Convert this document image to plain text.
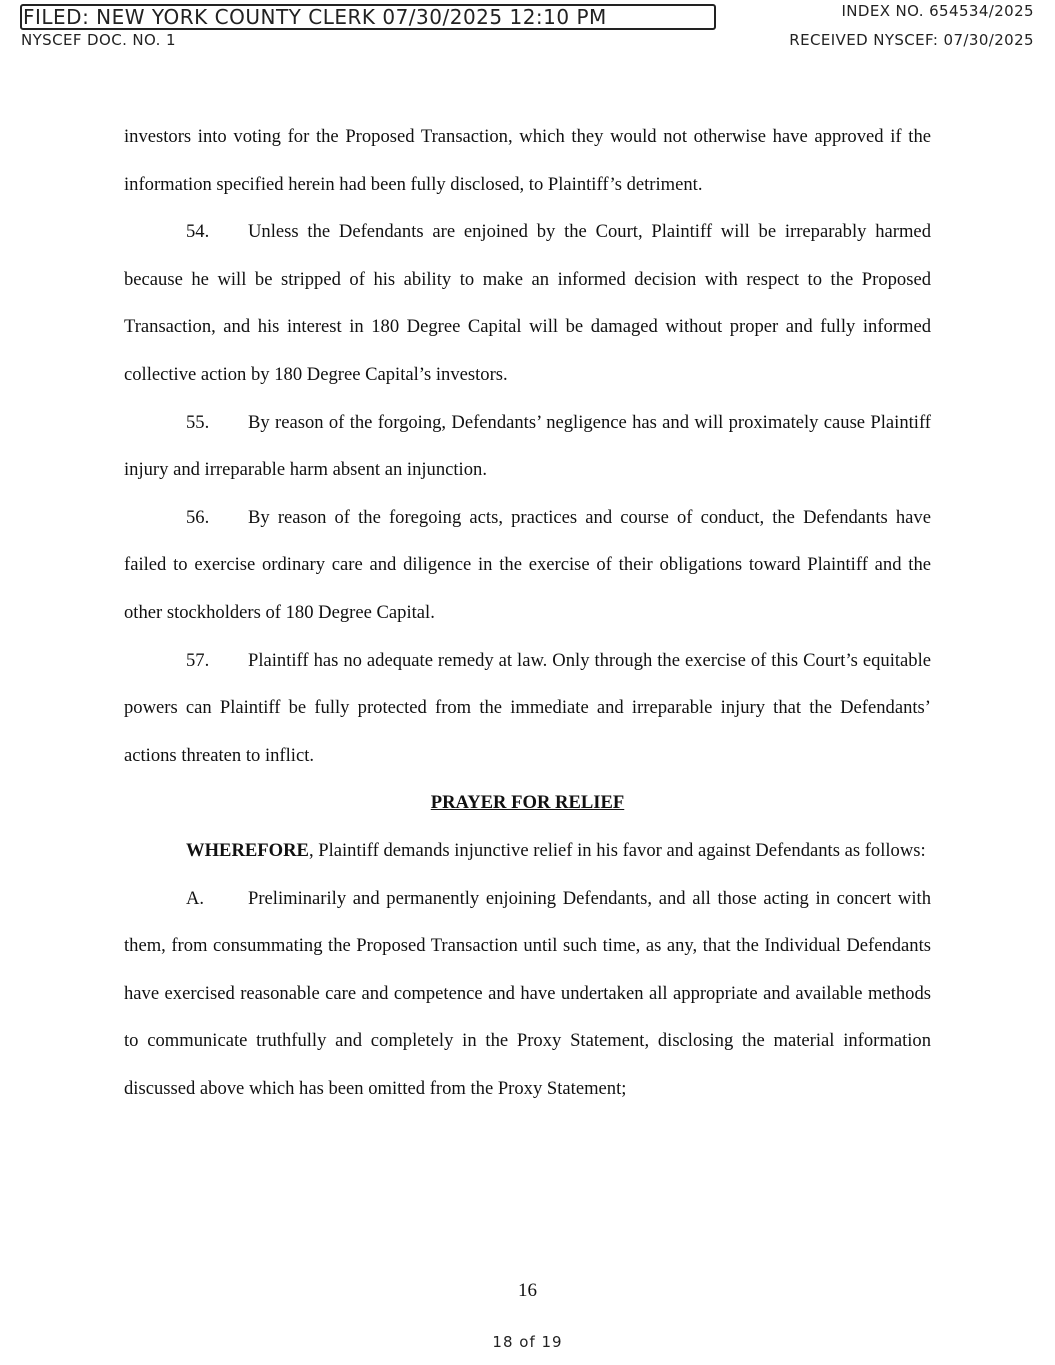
FILED: NEW YORK COUNTY CLERK 07/30/2025 12:10 PM	INDEX NO. 654534/2025
NYSCEF DOC. NO. 1	RECEIVED NYSCEF: 07/30/2025

investors into voting for the Proposed Transaction, which they would not otherwise have approved if the information specified herein had been fully disclosed, to Plaintiff’s detriment.

54. Unless the Defendants are enjoined by the Court, Plaintiff will be irreparably harmed because he will be stripped of his ability to make an informed decision with respect to the Proposed Transaction, and his interest in 180 Degree Capital will be damaged without proper and fully informed collective action by 180 Degree Capital’s investors.

55. By reason of the forgoing, Defendants’ negligence has and will proximately cause Plaintiff injury and irreparable harm absent an injunction.

56. By reason of the foregoing acts, practices and course of conduct, the Defendants have failed to exercise ordinary care and diligence in the exercise of their obligations toward Plaintiff and the other stockholders of 180 Degree Capital.

57. Plaintiff has no adequate remedy at law. Only through the exercise of this Court’s equitable powers can Plaintiff be fully protected from the immediate and irreparable injury that the Defendants’ actions threaten to inflict.

PRAYER FOR RELIEF

WHEREFORE, Plaintiff demands injunctive relief in his favor and against Defendants as follows:

A. Preliminarily and permanently enjoining Defendants, and all those acting in concert with them, from consummating the Proposed Transaction until such time, as any, that the Individual Defendants have exercised reasonable care and competence and have undertaken all appropriate and available methods to communicate truthfully and completely in the Proxy Statement, disclosing the material information discussed above which has been omitted from the Proxy Statement;

16
18 of 19
